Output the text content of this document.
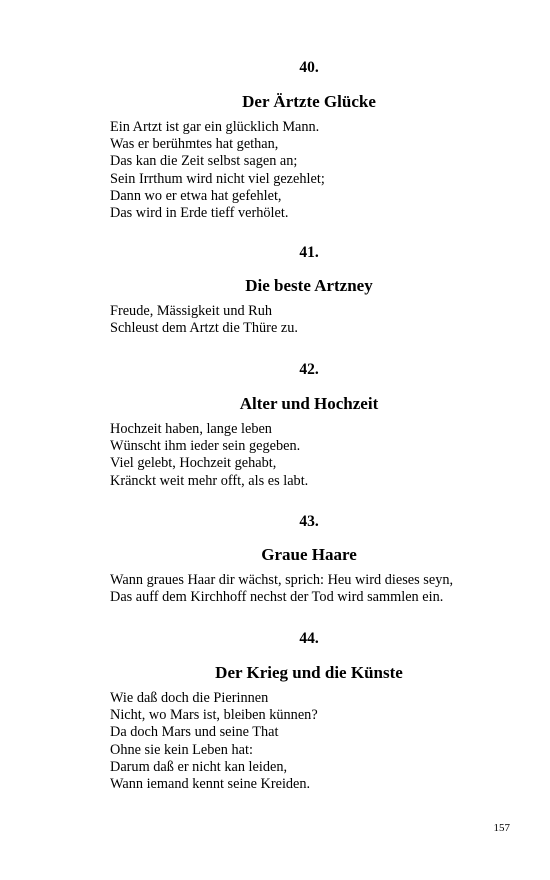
40.
Der Ärtzte Glücke
Ein Artzt ist gar ein glücklich Mann.
Was er berühmtes hat gethan,
Das kan die Zeit selbst sagen an;
Sein Irrthum wird nicht viel gezehlet;
Dann wo er etwa hat gefehlet,
Das wird in Erde tieff verhölet.
41.
Die beste Artzney
Freude, Mässigkeit und Ruh
Schleust dem Artzt die Thüre zu.
42.
Alter und Hochzeit
Hochzeit haben, lange leben
Wünscht ihm ieder sein gegeben.
Viel gelebt, Hochzeit gehabt,
Kränckt weit mehr offt, als es labt.
43.
Graue Haare
Wann graues Haar dir wächst, sprich: Heu wird dieses seyn,
Das auff dem Kirchhoff nechst der Tod wird sammlen ein.
44.
Der Krieg und die Künste
Wie daß doch die Pierinnen
Nicht, wo Mars ist, bleiben künnen?
Da doch Mars und seine That
Ohne sie kein Leben hat:
Darum daß er nicht kan leiden,
Wann iemand kennt seine Kreiden.
157
